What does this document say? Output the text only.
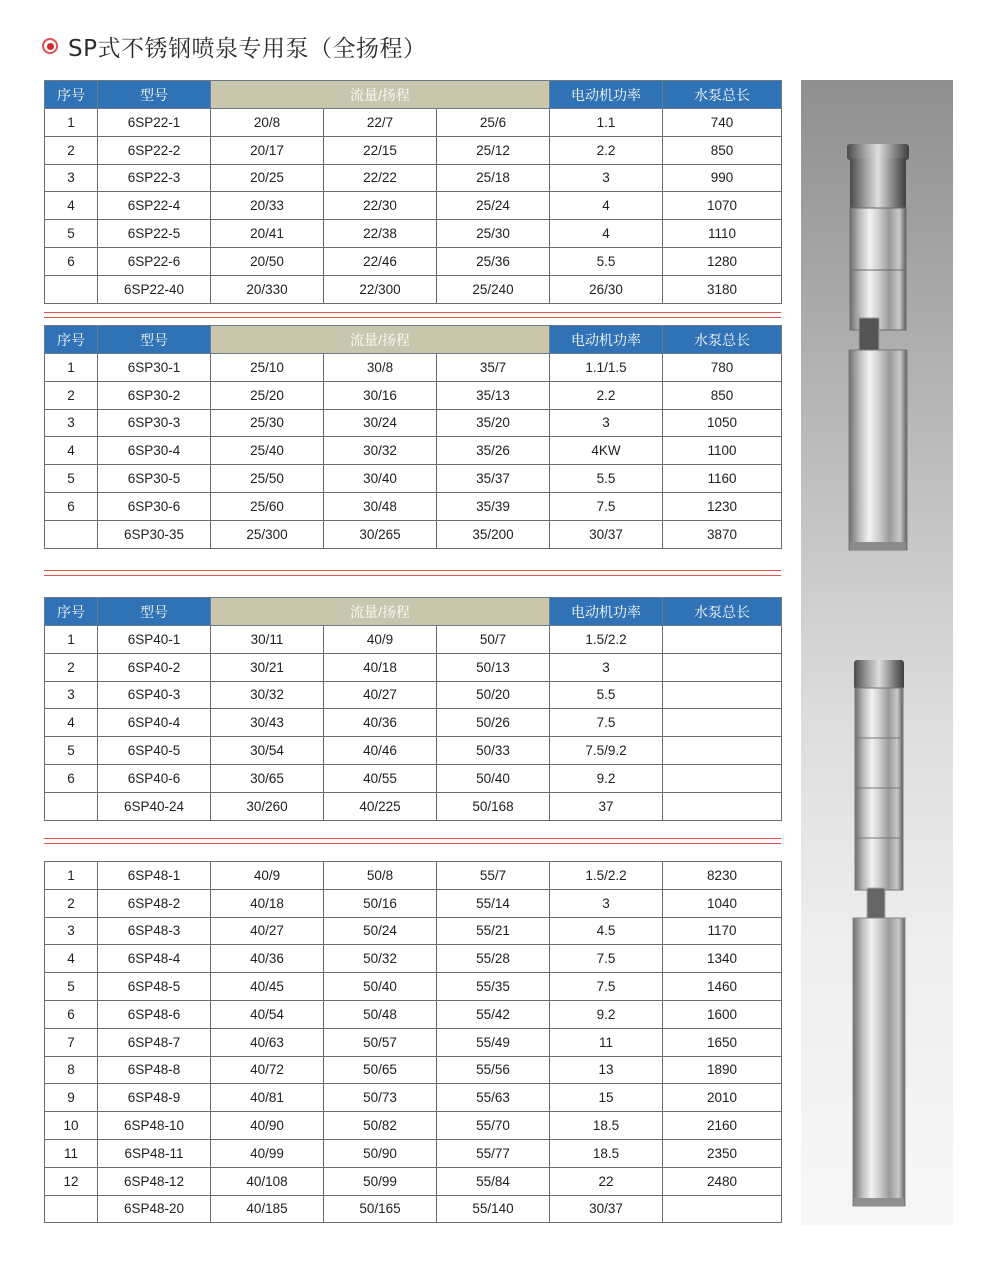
SP式不锈钢喷泉专用泵（全扬程）
序号	型号	流量/扬程			电动机功率	水泵总长
1	6SP22-1	20/8	22/7	25/6	1.1	740
2	6SP22-2	20/17	22/15	25/12	2.2	850
3	6SP22-3	20/25	22/22	25/18	3	990
4	6SP22-4	20/33	22/30	25/24	4	1070
5	6SP22-5	20/41	22/38	25/30	4	1110
6	6SP22-6	20/50	22/46	25/36	5.5	1280
	6SP22-40	20/330	22/300	25/240	26/30	3180
序号	型号	流量/扬程			电动机功率	水泵总长
1	6SP30-1	25/10	30/8	35/7	1.1/1.5	780
2	6SP30-2	25/20	30/16	35/13	2.2	850
3	6SP30-3	25/30	30/24	35/20	3	1050
4	6SP30-4	25/40	30/32	35/26	4KW	1100
5	6SP30-5	25/50	30/40	35/37	5.5	1160
6	6SP30-6	25/60	30/48	35/39	7.5	1230
	6SP30-35	25/300	30/265	35/200	30/37	3870
序号	型号	流量/扬程			电动机功率	水泵总长
1	6SP40-1	30/11	40/9	50/7	1.5/2.2	
2	6SP40-2	30/21	40/18	50/13	3	
3	6SP40-3	30/32	40/27	50/20	5.5	
4	6SP40-4	30/43	40/36	50/26	7.5	
5	6SP40-5	30/54	40/46	50/33	7.5/9.2	
6	6SP40-6	30/65	40/55	50/40	9.2	
	6SP40-24	30/260	40/225	50/168	37	
1	6SP48-1	40/9	50/8	55/7	1.5/2.2	8230
2	6SP48-2	40/18	50/16	55/14	3	1040
3	6SP48-3	40/27	50/24	55/21	4.5	1170
4	6SP48-4	40/36	50/32	55/28	7.5	1340
5	6SP48-5	40/45	50/40	55/35	7.5	1460
6	6SP48-6	40/54	50/48	55/42	9.2	1600
7	6SP48-7	40/63	50/57	55/49	11	1650
8	6SP48-8	40/72	50/65	55/56	13	1890
9	6SP48-9	40/81	50/73	55/63	15	2010
10	6SP48-10	40/90	50/82	55/70	18.5	2160
11	6SP48-11	40/99	50/90	55/77	18.5	2350
12	6SP48-12	40/108	50/99	55/84	22	2480
	6SP48-20	40/185	50/165	55/140	30/37	
